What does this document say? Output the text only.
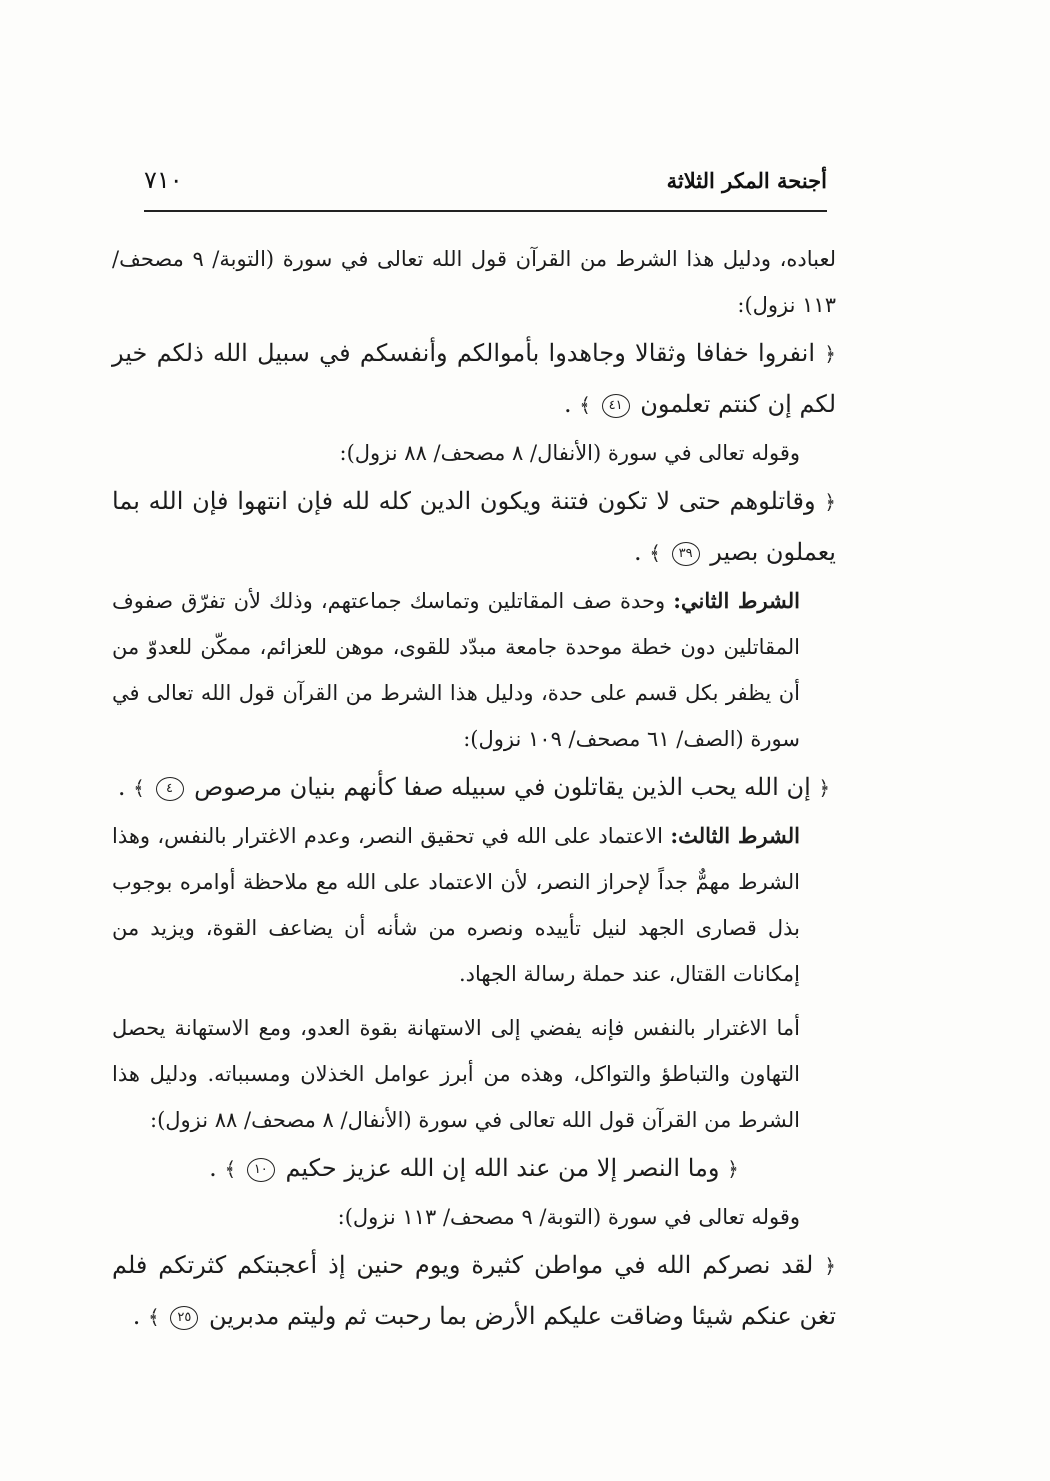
أجنحة المكر الثلاثة
٧١٠

لعباده، ودليل هذا الشرط من القرآن قول الله تعالى في سورة (التوبة/ ٩ مصحف/ ١١٣ نزول):

﴿ انفروا خفافا وثقالا وجاهدوا بأموالكم وأنفسكم في سبيل الله ذلكم خير لكم إن كنتم تعلمون ٤١ ﴾ .

وقوله تعالى في سورة (الأنفال/ ٨ مصحف/ ٨٨ نزول):

﴿ وقاتلوهم حتى لا تكون فتنة ويكون الدين كله لله فإن انتهوا فإن الله بما يعملون بصير ٣٩ ﴾ .

الشرط الثاني: وحدة صف المقاتلين وتماسك جماعتهم، وذلك لأن تفرّق صفوف المقاتلين دون خطة موحدة جامعة مبدّد للقوى، موهن للعزائم، ممكّن للعدوّ من أن يظفر بكل قسم على حدة، ودليل هذا الشرط من القرآن قول الله تعالى في سورة (الصف/ ٦١ مصحف/ ١٠٩ نزول):

﴿ إن الله يحب الذين يقاتلون في سبيله صفا كأنهم بنيان مرصوص ٤ ﴾ .

الشرط الثالث: الاعتماد على الله في تحقيق النصر، وعدم الاغترار بالنفس، وهذا الشرط مهمٌّ جداً لإحراز النصر، لأن الاعتماد على الله مع ملاحظة أوامره بوجوب بذل قصارى الجهد لنيل تأييده ونصره من شأنه أن يضاعف القوة، ويزيد من إمكانات القتال، عند حملة رسالة الجهاد.

أما الاغترار بالنفس فإنه يفضي إلى الاستهانة بقوة العدو، ومع الاستهانة يحصل التهاون والتباطؤ والتواكل، وهذه من أبرز عوامل الخذلان ومسبباته. ودليل هذا الشرط من القرآن قول الله تعالى في سورة (الأنفال/ ٨ مصحف/ ٨٨ نزول):

﴿ وما النصر إلا من عند الله إن الله عزيز حكيم ١٠ ﴾ .

وقوله تعالى في سورة (التوبة/ ٩ مصحف/ ١١٣ نزول):

﴿ لقد نصركم الله في مواطن كثيرة ويوم حنين إذ أعجبتكم كثرتكم فلم تغن عنكم شيئا وضاقت عليكم الأرض بما رحبت ثم وليتم مدبرين ٢٥ ﴾ .
